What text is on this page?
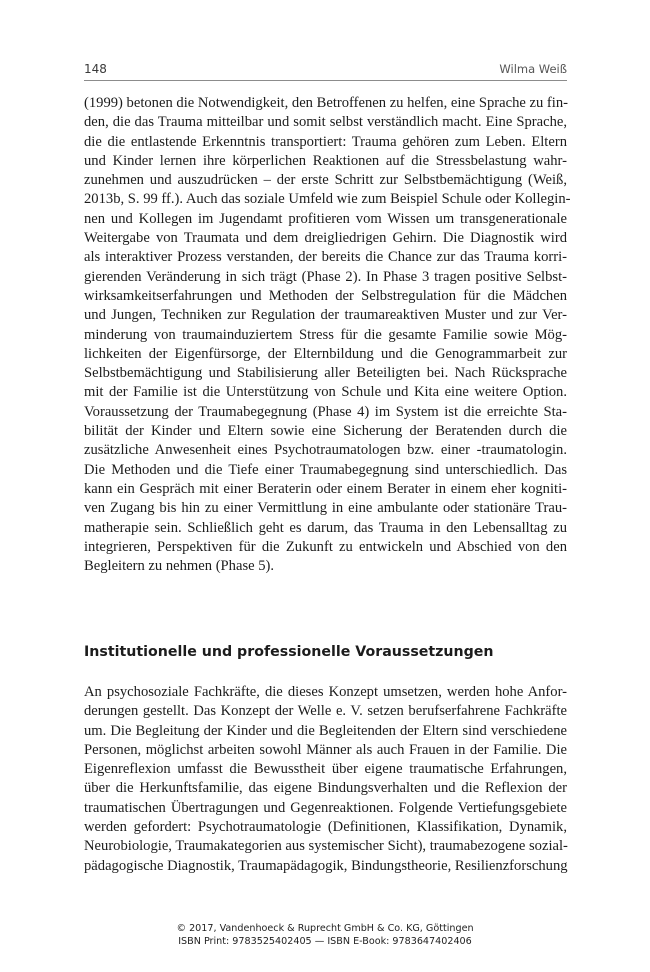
148	Wilma Weiß
(1999) betonen die Notwendigkeit, den Betroffenen zu helfen, eine Sprache zu fin-
den, die das Trauma mitteilbar und somit selbst verständlich macht. Eine Sprache,
die die entlastende Erkenntnis transportiert: Trauma gehören zum Leben. Eltern
und Kinder lernen ihre körperlichen Reaktionen auf die Stressbelastung wahr-
zunehmen und auszudrücken – der erste Schritt zur Selbstbemächtigung (Weiß,
2013b, S. 99 ff.). Auch das soziale Umfeld wie zum Beispiel Schule oder Kollegin-
nen und Kollegen im Jugendamt profitieren vom Wissen um transgenerationale
Weitergabe von Traumata und dem dreigliedrigen Gehirn. Die Diagnostik wird
als interaktiver Prozess verstanden, der bereits die Chance zur das Trauma korri-
gierenden Veränderung in sich trägt (Phase 2). In Phase 3 tragen positive Selbst-
wirksamkeitserfahrungen und Methoden der Selbstregulation für die Mädchen
und Jungen, Techniken zur Regulation der traumareaktiven Muster und zur Ver-
minderung von traumainduziertem Stress für die gesamte Familie sowie Mög-
lichkeiten der Eigenfürsorge, der Elternbildung und die Genogrammarbeit zur
Selbstbemächtigung und Stabilisierung aller Beteiligten bei. Nach Rücksprache
mit der Familie ist die Unterstützung von Schule und Kita eine weitere Option.
Voraussetzung der Traumabegegnung (Phase 4) im System ist die erreichte Sta-
bilität der Kinder und Eltern sowie eine Sicherung der Beratenden durch die
zusätzliche Anwesenheit eines Psychotraumatologen bzw. einer -traumatologin.
Die Methoden und die Tiefe einer Traumabegegnung sind unterschiedlich. Das
kann ein Gespräch mit einer Beraterin oder einem Berater in einem eher kogniti-
ven Zugang bis hin zu einer Vermittlung in eine ambulante oder stationäre Trau-
matherapie sein. Schließlich geht es darum, das Trauma in den Lebensalltag zu
integrieren, Perspektiven für die Zukunft zu entwickeln und Abschied von den
Begleitern zu nehmen (Phase 5).
Institutionelle und professionelle Voraussetzungen
An psychosoziale Fachkräfte, die dieses Konzept umsetzen, werden hohe Anfor-
derungen gestellt. Das Konzept der Welle e. V. setzen berufserfahrene Fachkräfte
um. Die Begleitung der Kinder und die Begleitenden der Eltern sind verschiedene
Personen, möglichst arbeiten sowohl Männer als auch Frauen in der Familie. Die
Eigenreflexion umfasst die Bewusstheit über eigene traumatische Erfahrungen,
über die Herkunftsfamilie, das eigene Bindungsverhalten und die Reflexion der
traumatischen Übertragungen und Gegenreaktionen. Folgende Vertiefungsgebiete
werden gefordert: Psychotraumatologie (Definitionen, Klassifikation, Dynamik,
Neurobiologie, Traumakategorien aus systemischer Sicht), traumabezogene sozial-
pädagogische Diagnostik, Traumapädagogik, Bindungstheorie, Resilienzforschung
© 2017, Vandenhoeck & Ruprecht GmbH & Co. KG, Göttingen
ISBN Print: 9783525402405 — ISBN E-Book: 9783647402406
